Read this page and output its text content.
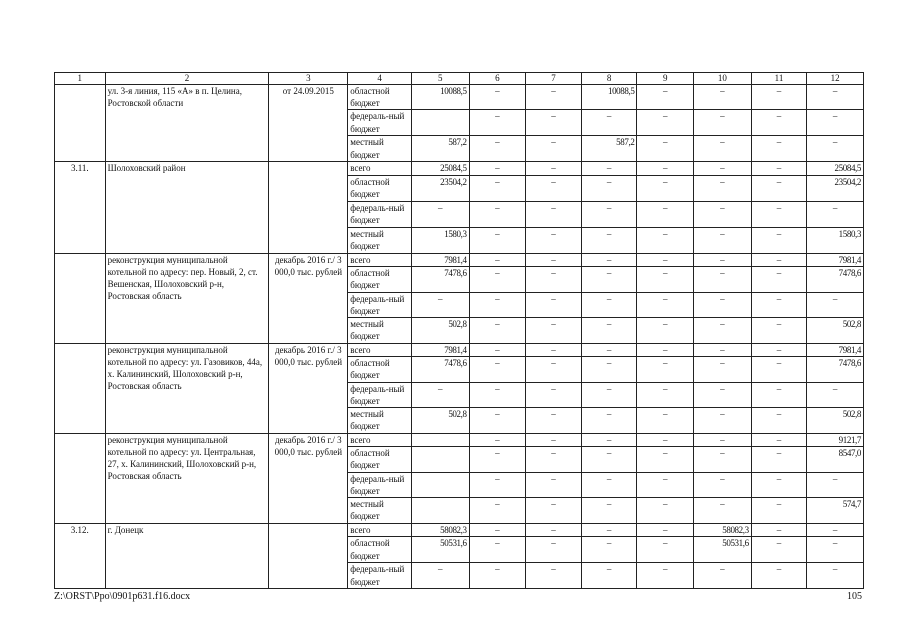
1	2	3	4	5	6	7	8	9	10	11	12
	ул. 3-я линия, 115 «А» в п. Целина, Ростовской области	от 24.09.2015	областной бюджет	10088,5	–	–	10088,5	–	–	–	–
			федераль-ный бюджет		–	–	–	–	–	–	–
			местный бюджет	587,2	–	–	587,2	–	–	–	–
3.11.	Шолоховский район		всего	25084,5	–	–	–	–	–	–	25084,5
			областной бюджет	23504,2	–	–	–	–	–	–	23504,2
			федераль-ный бюджет	–	–	–	–	–	–	–	–
			местный бюджет	1580,3	–	–	–	–	–	–	1580,3
	реконструкция муниципальной котельной по адресу: пер. Новый, 2, ст. Вешенская, Шолоховский р-н, Ростовская область	декабрь 2016 г./ 3 000,0 тыс. рублей	всего	7981,4	–	–	–	–	–	–	7981,4
			областной бюджет	7478,6	–	–	–	–	–	–	7478,6
			федераль-ный бюджет	–	–	–	–	–	–	–	–
			местный бюджет	502,8	–	–	–	–	–	–	502,8
	реконструкция муниципальной котельной по адресу: ул. Газовиков, 44а, х. Калининский, Шолоховский р-н, Ростовская область	декабрь 2016 г./ 3 000,0 тыс. рублей	всего	7981,4	–	–	–	–	–	–	7981,4
			областной бюджет	7478,6	–	–	–	–	–	–	7478,6
			федераль-ный бюджет	–	–	–	–	–	–	–	–
			местный бюджет	502,8	–	–	–	–	–	–	502,8
	реконструкция муниципальной котельной по адресу: ул. Центральная, 27, х. Калининский, Шолоховский р-н, Ростовская область	декабрь 2016 г./ 3 000,0 тыс. рублей	всего		–	–	–	–	–	–	9121,7
			областной бюджет		–	–	–	–	–	–	8547,0
			федераль-ный бюджет		–	–	–	–	–	–	–
			местный бюджет		–	–	–	–	–	–	574,7
3.12.	г. Донецк		всего	58082,3	–	–	–	–	58082,3	–	–
			областной бюджет	50531,6	–	–	–	–	50531,6	–	–
			федераль-ный бюджет	–	–	–	–	–	–	–	–
Z:\ORST\Ppo\0901p631.f16.docx	105
